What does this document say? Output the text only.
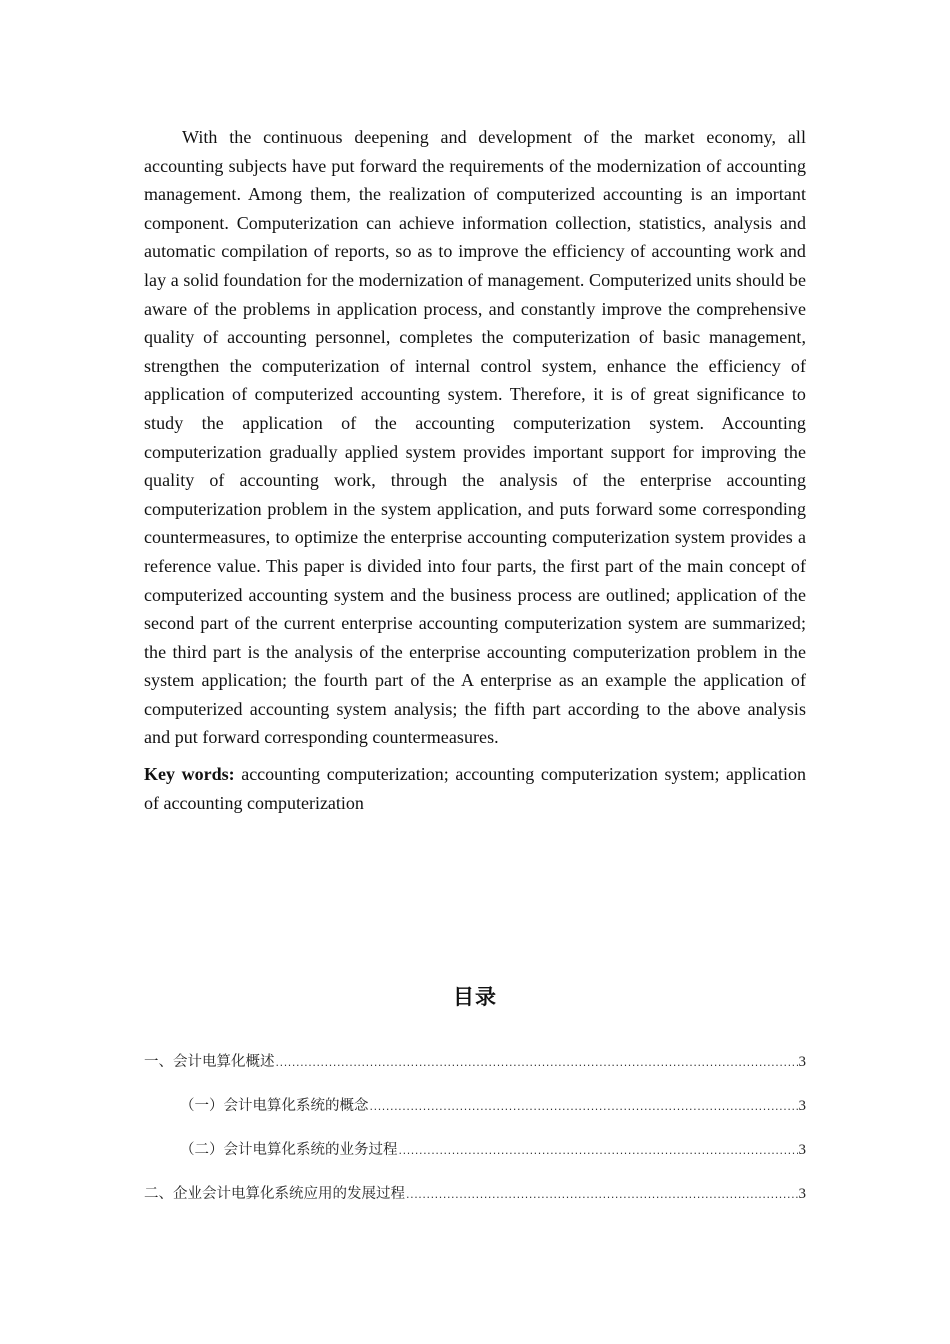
With the continuous deepening and development of the market economy, all accounting subjects have put forward the requirements of the modernization of accounting management. Among them, the realization of computerized accounting is an important component. Computerization can achieve information collection, statistics, analysis and automatic compilation of reports, so as to improve the efficiency of accounting work and lay a solid foundation for the modernization of management. Computerized units should be aware of the problems in application process, and constantly improve the comprehensive quality of accounting personnel, completes the computerization of basic management, strengthen the computerization of internal control system, enhance the efficiency of application of computerized accounting system. Therefore, it is of great significance to study the application of the accounting computerization system. Accounting computerization gradually applied system provides important support for improving the quality of accounting work, through the analysis of the enterprise accounting computerization problem in the system application, and puts forward some corresponding countermeasures, to optimize the enterprise accounting computerization system provides a reference value. This paper is divided into four parts, the first part of the main concept of computerized accounting system and the business process are outlined; application of the second part of the current enterprise accounting computerization system are summarized; the third part is the analysis of the enterprise accounting computerization problem in the system application; the fourth part of the A enterprise as an example the application of computerized accounting system analysis; the fifth part according to the above analysis and put forward corresponding countermeasures.

Key words: accounting computerization; accounting computerization system; application of accounting computerization

目录
一、会计电算化概述 .....	3
（一）会计电算化系统的概念 .....	3
（二）会计电算化系统的业务过程 .....	3
二、企业会计电算化系统应用的发展过程 .....	3
